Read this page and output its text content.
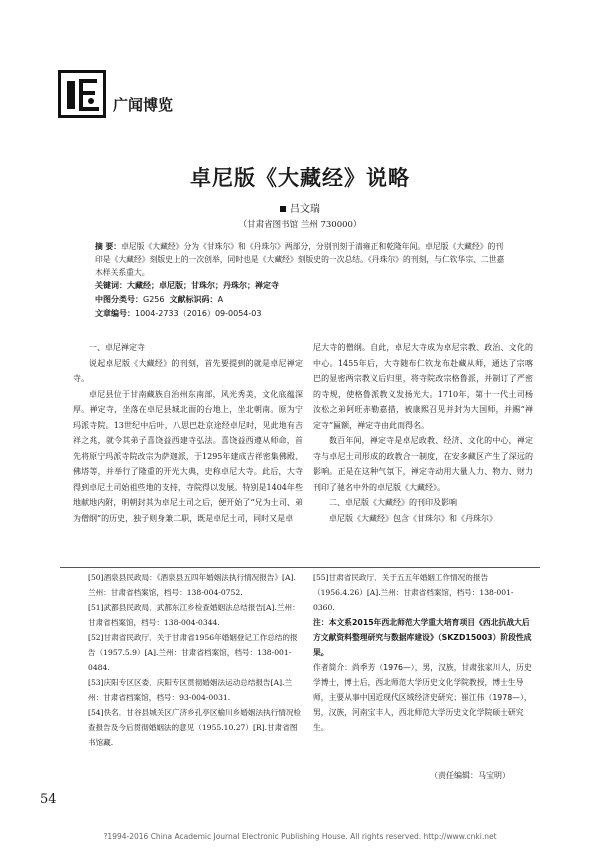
广闻博览
卓尼版《大藏经》说略
吕文瑞
（甘肃省图书馆 兰州 730000）
摘 要：卓尼版《大藏经》分为《甘珠尔》和《丹珠尔》两部分，分别刊刻于清雍正和乾隆年间。卓尼版《大藏经》的刊印是《大藏经》刻版史上的一次创举，同时也是《大藏经》刻版史的一次总结。《丹珠尔》的刊刻，与仁钦华宗、二世嘉木样关系重大。
关键词：大藏经；卓尼版；甘珠尔；丹珠尔；禅定寺
中图分类号：G256 文献标识码：A
文章编号：1004-2733（2016）09-0054-03

一、卓尼禅定寺

说起卓尼版《大藏经》的刊刻，首先要提到的就是卓尼禅定寺。

卓尼县位于甘南藏族自治州东南部，风光秀美，文化底蕴深厚。禅定寺，坐落在卓尼县城北面的台地上，坐北朝南。原为宁玛派寺院。13世纪中后叶，八思巴赴京途经卓尼时，见此地有吉祥之兆，就令其弟子喜饶益西建寺弘法。喜饶益西遵从师命，首先将原宁玛派寺院改宗为萨迦派，于1295年建成吉祥密集佛殿、佛塔等，并举行了隆重的开光大典，史称卓尼大寺。此后，大寺得到卓尼土司始祖些地的支持，寺院得以发展。特别是1404年些地献地内附，明朝封其为卓尼土司之后，便开始了“兄为土司、弟为僧纲”的历史，独子则身兼二职，既是卓尼土司，同时又是卓

尼大寺的僧纲。自此，卓尼大寺成为卓尼宗教、政治、文化的中心。1455年后，大寺随布仁钦龙布赴藏从师，通达了宗喀巴的显密两宗教义后归里，将寺院改宗格鲁派，并制订了严密的寺规，使格鲁派教义发扬光大。1710年，第十一代土司杨汝松之弟阿旺赤勒嘉措，被康熙召见并封为大国师，并赐“禅定寺”匾额，禅定寺由此而得名。

数百年间，禅定寺是卓尼政教、经济、文化的中心，禅定寺与卓尼土司形成的政教合一制度，在安多藏区产生了深远的影响。正是在这种气氛下，禅定寺动用大量人力、物力、财力刊印了驰名中外的卓尼版《大藏经》。

二、卓尼版《大藏经》的刊印及影响

卓尼版《大藏经》包含《甘珠尔》和《丹珠尔》

[50]酒泉县民政局：《酒泉县五四年婚姻法执行情况报告》[A].兰州：甘肃省档案馆，档号：138-004-0752.

[51]武都县民政局．武都东江乡检查婚姻法总结报告[A].兰州：甘肃省档案馆，档号：138-004-0344.

[52]甘肃省民政厅．关于甘肃省1956年婚姻登记工作总结的报告（1957.5.9）[A].兰州：甘肃省档案馆，档号：138-001-0484.

[53]庆阳专区区委．庆阳专区贯彻婚姻法运动总结报告[A].兰州：甘肃省档案馆，档号：93-004-0031.

[54]佚名．甘谷县城关区广济乡孔亭区榆川乡婚姻法执行情况检查报告及今后贯彻婚姻法的意见（1955.10.27）[R].甘肃省图书馆藏.

[55]甘肃省民政厅．关于五五年婚姻工作情况的报告（1956.4.26）[A].兰州：甘肃省档案馆，档号：138-001-0360.

注：本文系2015年西北师范大学重大培育项目《西北抗战大后方文献资料整理研究与数据库建设》（SKZD15003）阶段性成果。

作者简介：尚季芳（1976—），男，汉族，甘肃张家川人，历史学博士，博士后，西北师范大学历史文化学院教授，博士生导师，主要从事中国近现代区域经济史研究；崔江伟（1978—），男，汉族，河南宝丰人，西北师范大学历史文化学院硕士研究生。

（责任编辑：马宝明）
54
?1994-2016 China Academic Journal Electronic Publishing House. All rights reserved. http://www.cnki.net
